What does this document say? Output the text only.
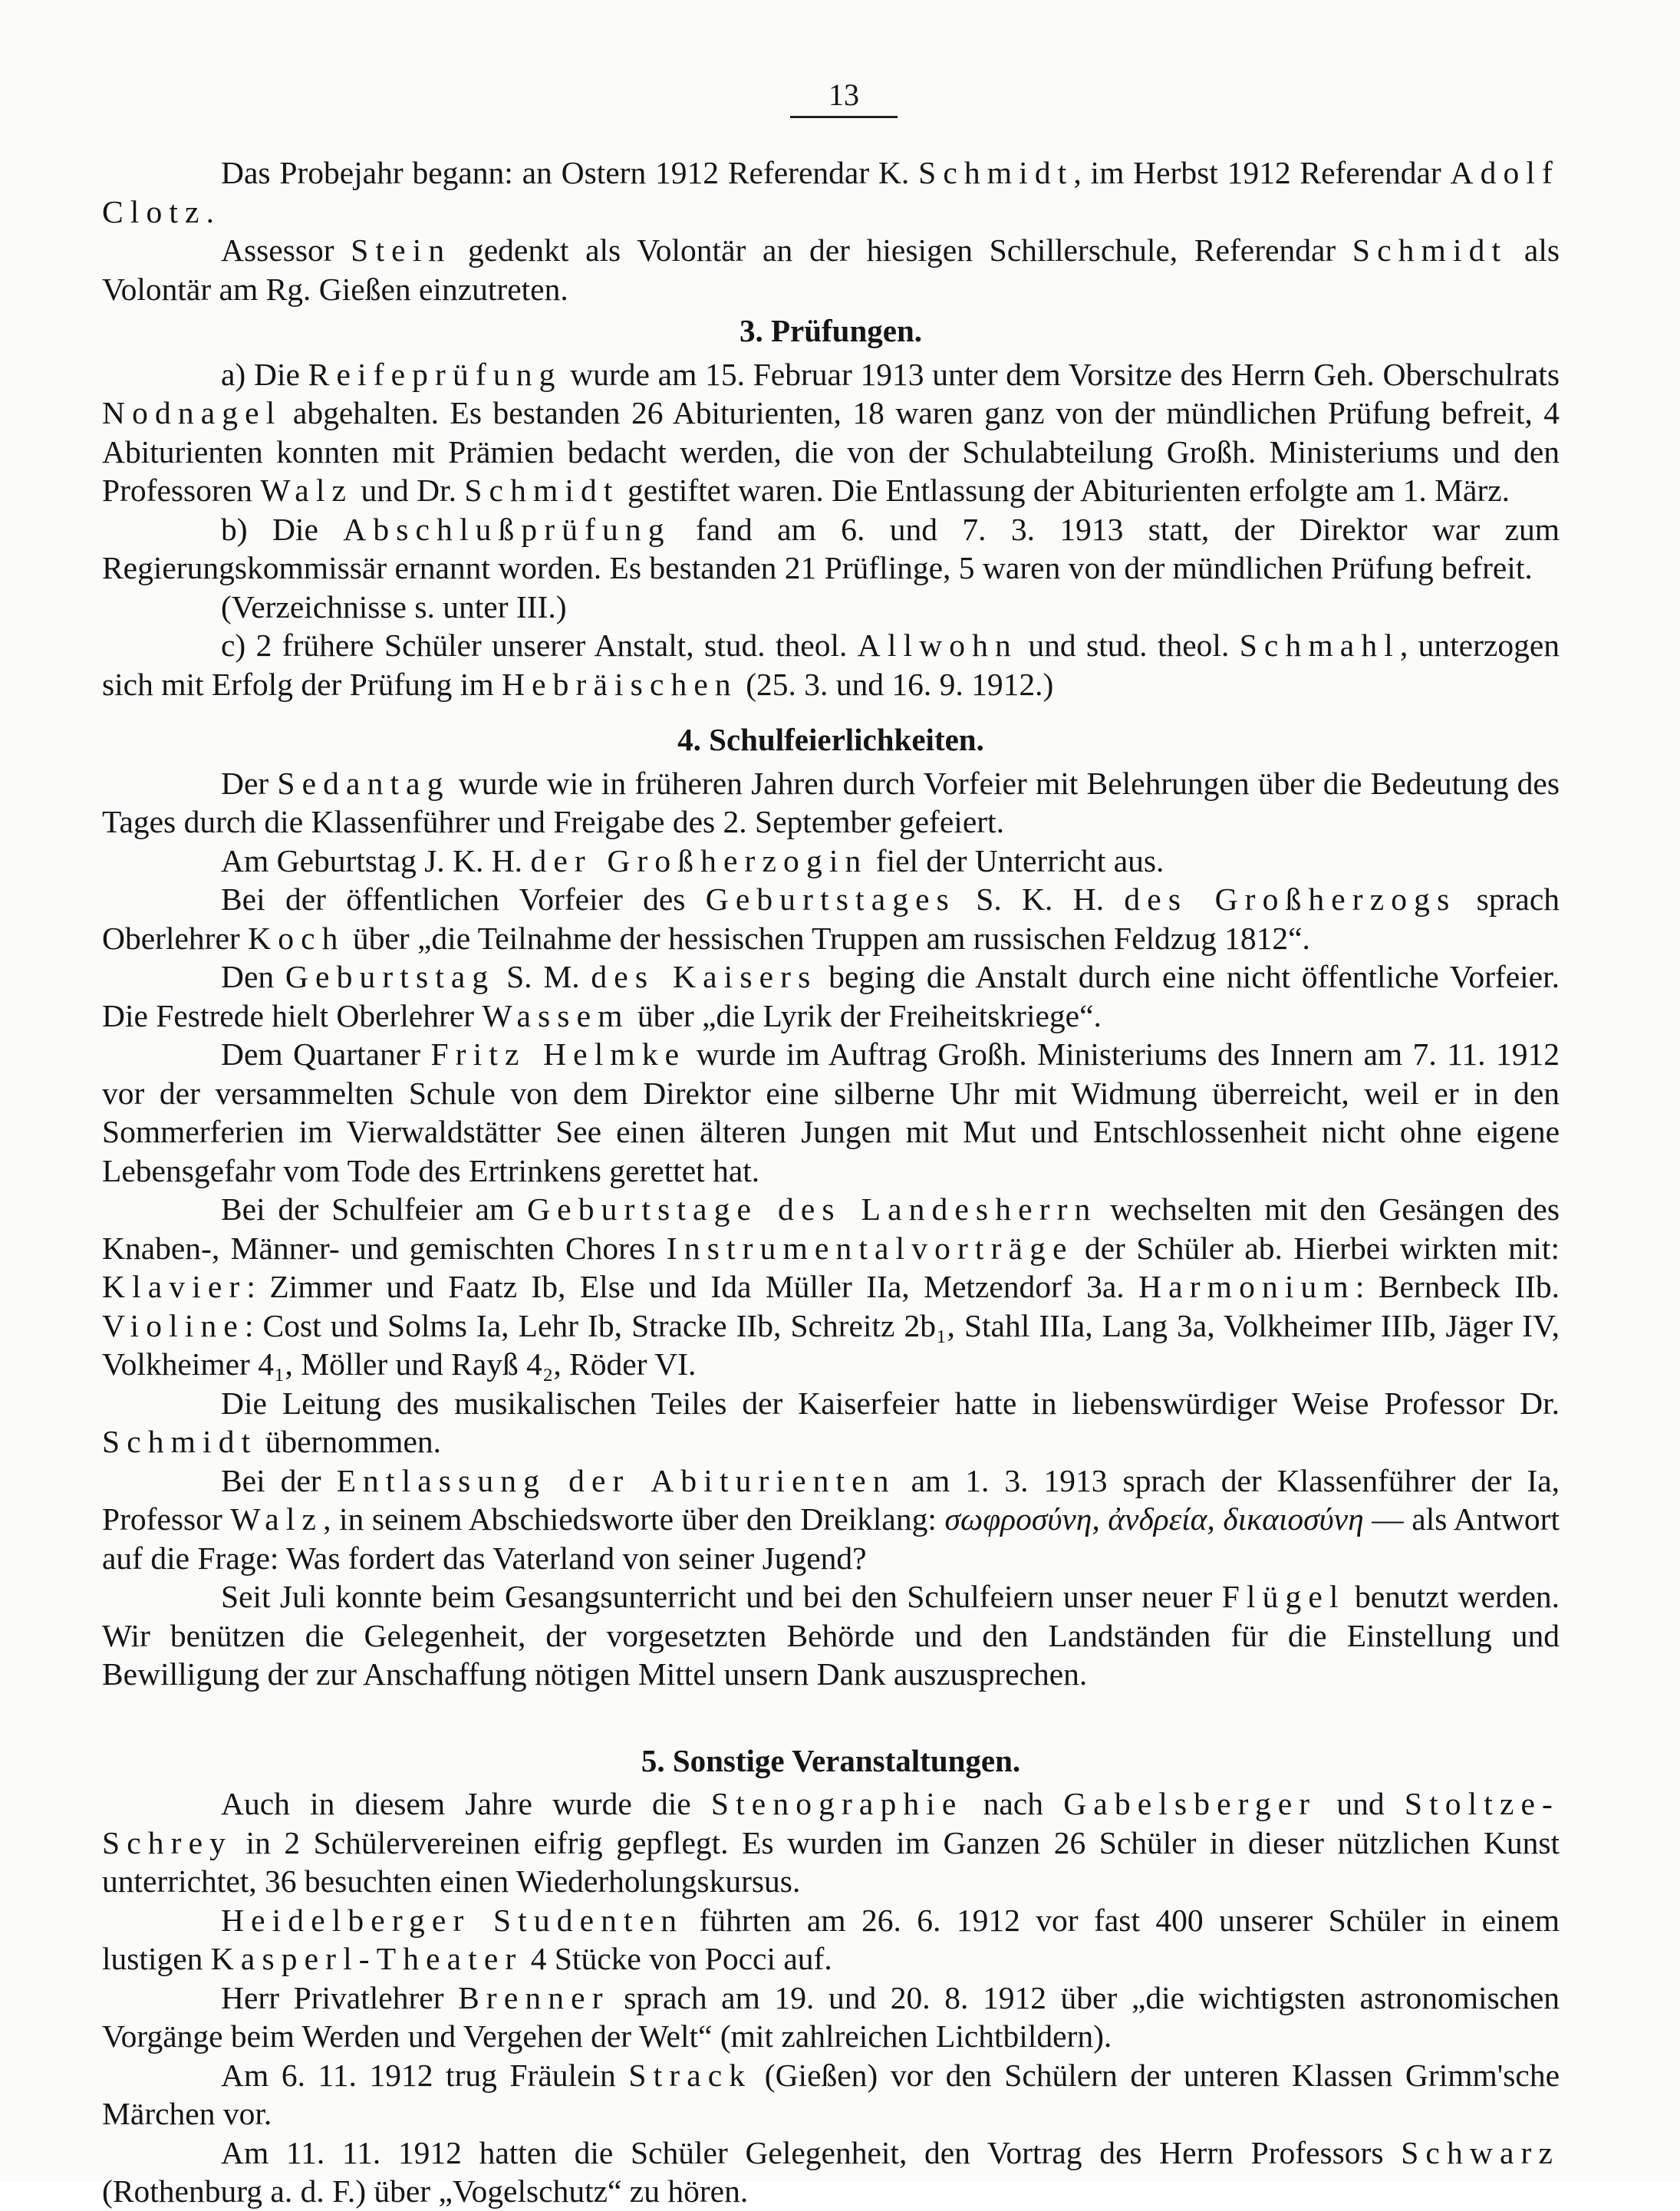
13

Das Probejahr begann: an Ostern 1912 Referendar K. Schmidt, im Herbst 1912 Referendar Adolf Clotz.

Assessor Stein gedenkt als Volontär an der hiesigen Schillerschule, Referendar Schmidt als Volontär am Rg. Gießen einzutreten.

3. Prüfungen.

a) Die Reifeprüfung wurde am 15. Februar 1913 unter dem Vorsitze des Herrn Geh. Oberschulrats Nodnagel abgehalten. Es bestanden 26 Abiturienten, 18 waren ganz von der mündlichen Prüfung befreit, 4 Abiturienten konnten mit Prämien bedacht werden, die von der Schulabteilung Großh. Ministeriums und den Professoren Walz und Dr. Schmidt gestiftet waren. Die Entlassung der Abiturienten erfolgte am 1. März.

b) Die Abschlußprüfung fand am 6. und 7. 3. 1913 statt, der Direktor war zum Regierungskommissär ernannt worden. Es bestanden 21 Prüflinge, 5 waren von der mündlichen Prüfung befreit.

(Verzeichnisse s. unter III.)

c) 2 frühere Schüler unserer Anstalt, stud. theol. Allwohn und stud. theol. Schmahl, unterzogen sich mit Erfolg der Prüfung im Hebräischen (25. 3. und 16. 9. 1912.)

4. Schulfeierlichkeiten.

Der Sedantag wurde wie in früheren Jahren durch Vorfeier mit Belehrungen über die Bedeutung des Tages durch die Klassenführer und Freigabe des 2. September gefeiert.

Am Geburtstag J. K. H. der Großherzogin fiel der Unterricht aus.

Bei der öffentlichen Vorfeier des Geburtstages S. K. H. des Großherzogs sprach Oberlehrer Koch über „die Teilnahme der hessischen Truppen am russischen Feldzug 1812“.

Den Geburtstag S. M. des Kaisers beging die Anstalt durch eine nicht öffentliche Vorfeier. Die Festrede hielt Oberlehrer Wassem über „die Lyrik der Freiheitskriege“.

Dem Quartaner Fritz Helmke wurde im Auftrag Großh. Ministeriums des Innern am 7. 11. 1912 vor der versammelten Schule von dem Direktor eine silberne Uhr mit Widmung überreicht, weil er in den Sommerferien im Vierwaldstätter See einen älteren Jungen mit Mut und Entschlossenheit nicht ohne eigene Lebensgefahr vom Tode des Ertrinkens gerettet hat.

Bei der Schulfeier am Geburtstage des Landesherrn wechselten mit den Gesängen des Knaben-, Männer- und gemischten Chores Instrumentalvorträge der Schüler ab. Hierbei wirkten mit: Klavier: Zimmer und Faatz Ib, Else und Ida Müller IIa, Metzendorf 3a. Harmonium: Bernbeck IIb. Violine: Cost und Solms Ia, Lehr Ib, Stracke IIb, Schreitz 2b₁, Stahl IIIa, Lang 3a, Volkheimer IIIb, Jäger IV, Volkheimer 4₁, Möller und Rayß 4₂, Röder VI.

Die Leitung des musikalischen Teiles der Kaiserfeier hatte in liebenswürdiger Weise Professor Dr. Schmidt übernommen.

Bei der Entlassung der Abiturienten am 1. 3. 1913 sprach der Klassenführer der Ia, Professor Walz, in seinem Abschiedsworte über den Dreiklang: σωφροσύνη, ἀνδρεία, δικαιοσύνη — als Antwort auf die Frage: Was fordert das Vaterland von seiner Jugend?

Seit Juli konnte beim Gesangsunterricht und bei den Schulfeiern unser neuer Flügel benutzt werden. Wir benützen die Gelegenheit, der vorgesetzten Behörde und den Landständen für die Einstellung und Bewilligung der zur Anschaffung nötigen Mittel unsern Dank auszusprechen.

5. Sonstige Veranstaltungen.

Auch in diesem Jahre wurde die Stenographie nach Gabelsberger und Stoltze-Schrey in 2 Schülervereinen eifrig gepflegt. Es wurden im Ganzen 26 Schüler in dieser nützlichen Kunst unterrichtet, 36 besuchten einen Wiederholungskursus.

Heidelberger Studenten führten am 26. 6. 1912 vor fast 400 unserer Schüler in einem lustigen Kasperl-Theater 4 Stücke von Pocci auf.

Herr Privatlehrer Brenner sprach am 19. und 20. 8. 1912 über „die wichtigsten astronomischen Vorgänge beim Werden und Vergehen der Welt“ (mit zahlreichen Lichtbildern).

Am 6. 11. 1912 trug Fräulein Strack (Gießen) vor den Schülern der unteren Klassen Grimm'sche Märchen vor.

Am 11. 11. 1912 hatten die Schüler Gelegenheit, den Vortrag des Herrn Professors Schwarz (Rothenburg a. d. F.) über „Vogelschutz“ zu hören.
